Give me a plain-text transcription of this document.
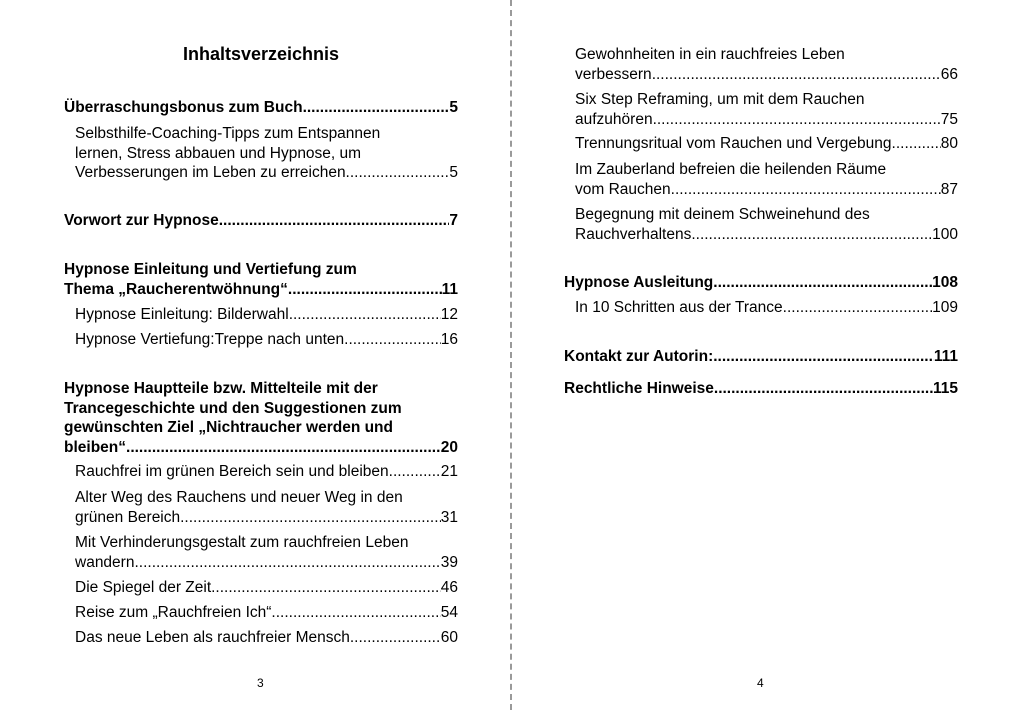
Inhaltsverzeichnis
Überraschungsbonus zum Buch .....	5
Selbsthilfe-Coaching-Tipps zum Entspannen
lernen, Stress abbauen und Hypnose, um
Verbesserungen im Leben zu erreichen. .....	5
Vorwort zur Hypnose .....	7
Hypnose Einleitung und Vertiefung zum
Thema „Raucherentwöhnung“ .....	11
Hypnose Einleitung: Bilderwahl .....	12
Hypnose Vertiefung:Treppe nach unten .....	16
Hypnose Hauptteile bzw. Mittelteile mit der
Trancegeschichte und den Suggestionen zum
gewünschten Ziel „Nichtraucher werden und
bleiben“ .....	20
Rauchfrei im grünen Bereich sein und bleiben .....	21
Alter Weg des Rauchens und neuer Weg in den
grünen Bereich .....	31
Mit Verhinderungsgestalt zum rauchfreien Leben
wandern .....	39
Die Spiegel der Zeit .....	46
Reise zum „Rauchfreien Ich“ .....	54
Das neue Leben als rauchfreier Mensch .....	60
3
Gewohnheiten in ein rauchfreies Leben
verbessern .....	66
Six Step Reframing, um mit dem Rauchen
aufzuhören .....	75
Trennungsritual vom Rauchen und Vergebung .....	80
Im Zauberland befreien die heilenden Räume
vom Rauchen .....	87
Begegnung mit deinem Schweinehund des
Rauchverhaltens .....	100
Hypnose Ausleitung .....	108
In 10 Schritten aus der Trance .....	109
Kontakt zur Autorin: .....	111
Rechtliche Hinweise .....	115
4
